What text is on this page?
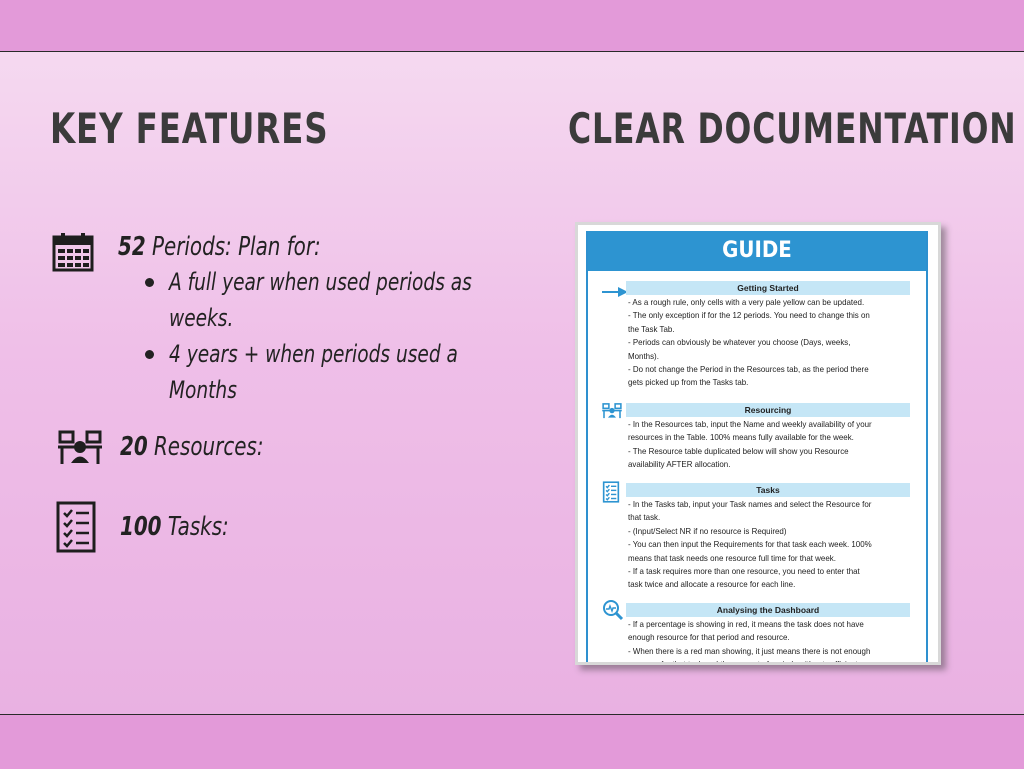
KEY FEATURES	CLEAR DOCUMENTATION
52 Periods: Plan for:
A full year when used periods as
weeks.
4 years + when periods used a
Months
20 Resources:
100 Tasks:
GUIDE
Getting Started
- As a rough rule, only cells with a very pale yellow can be updated.
- The only exception if for the 12 periods. You need to change this on
the Task Tab.
- Periods can obviously be whatever you choose (Days, weeks,
Months).
- Do not change the Period in the Resources tab, as the period there
gets picked up from the Tasks tab.
Resourcing
- In the Resources tab, input the Name and weekly availability of your
resources in the Table. 100% means fully available for the week.
- The Resource table duplicated below will show you Resource
availability AFTER allocation.
Tasks
- In the Tasks tab, input your Task names and select the Resource for
that task.
- (Input/Select NR if no resource is Required)
- You can then input the Requirements for that task each week. 100%
means that task needs one resource full time for that week.
- If a task requires more than one resource, you need to enter that
task twice and allocate a resource for each line.
Analysing the Dashboard
- If a percentage is showing in red, it means the task does not have
enough resource for that period and resource.
- When there is a red man showing, it just means there is not enough
resource for that task and the amount of periods without sufficient
